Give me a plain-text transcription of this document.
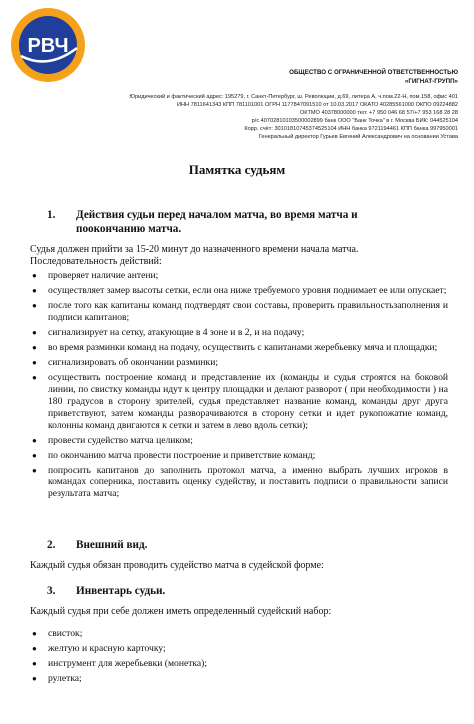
РВЧ
ОБЩЕСТВО С ОГРАНИЧЕННОЙ ОТВЕТСТВЕННОСТЬЮ
«ГИГНАТ-ГРУПП»
Юридический и фактический адрес: 195279, г. Санкт-Петербург, ш. Революции, д.69, литера А, ч.пом.22-Н, пом.158, офис 401
ИНН 7811641343 КПП 781101001 ОГРН 1177847091510 от 10.03.2017 ОКАТО 40285561000 ОКПО 09224882
ОКТМО 40378000000 тел: +7 950 046 68 57/+7 953 168 28 28
р/с 40702810103500002899 банк ООО "Банк Точка" в г. Москва БИК: 044525104
Корр. счёт: 30101810745374525104 ИНН банка 9721194461 КПП банка 997950001
Генеральный директор Гурьев Евгений Александрович на основании Устава
Памятка судьям
1. Действия судьи перед началом матча, во время матча и поокончанию матча.
Судья должен прийти за 15-20 минут до назначенного времени начала матча.
Последовательность действий:
● проверяет наличие антени;
● осуществляет замер высоты сетки, если она ниже требуемого уровня поднимает ее или опускает;
● после того как капитаны команд подтвердят свои составы, проверить правильностьзаполнения и подписи капитанов;
● сигнализирует на сетку, атакующие в 4 зоне и в 2, и на подачу;
● во время разминки команд на подачу, осуществить с капитанами жеребьевку мяча и площадки;
● сигнализировать об окончании разминки;
● осуществить построение команд и представление их (команды и судья строятся на боковой линии, по свистку команды идут к центру площадки и делают разворот ( при необходимости ) на 180 градусов в сторону зрителей, судья представляет название команд, команды друг друга приветствуют, затем команды разворачиваются в сторону сетки и идет рукопожатие команд, колонны команд двигаются к сетки и затем в лево вдоль сетки);
● провести судейство матча целиком;
● по окончанию матча провести построение и приветствие команд;
● попросить капитанов до заполнить протокол матча, а именно выбрать лучших игроков в командах соперника, поставить оценку судейству, и поставить подписи о правильности записи результата матча;
2. Внешний вид.
Каждый судья обязан проводить судейство матча в судейской форме:
3. Инвентарь судьи.
Каждый судья при себе должен иметь определенный судейский набор:
● свисток;
● желтую и красную карточку;
● инструмент для жеребьевки (монетка);
● рулетка;
